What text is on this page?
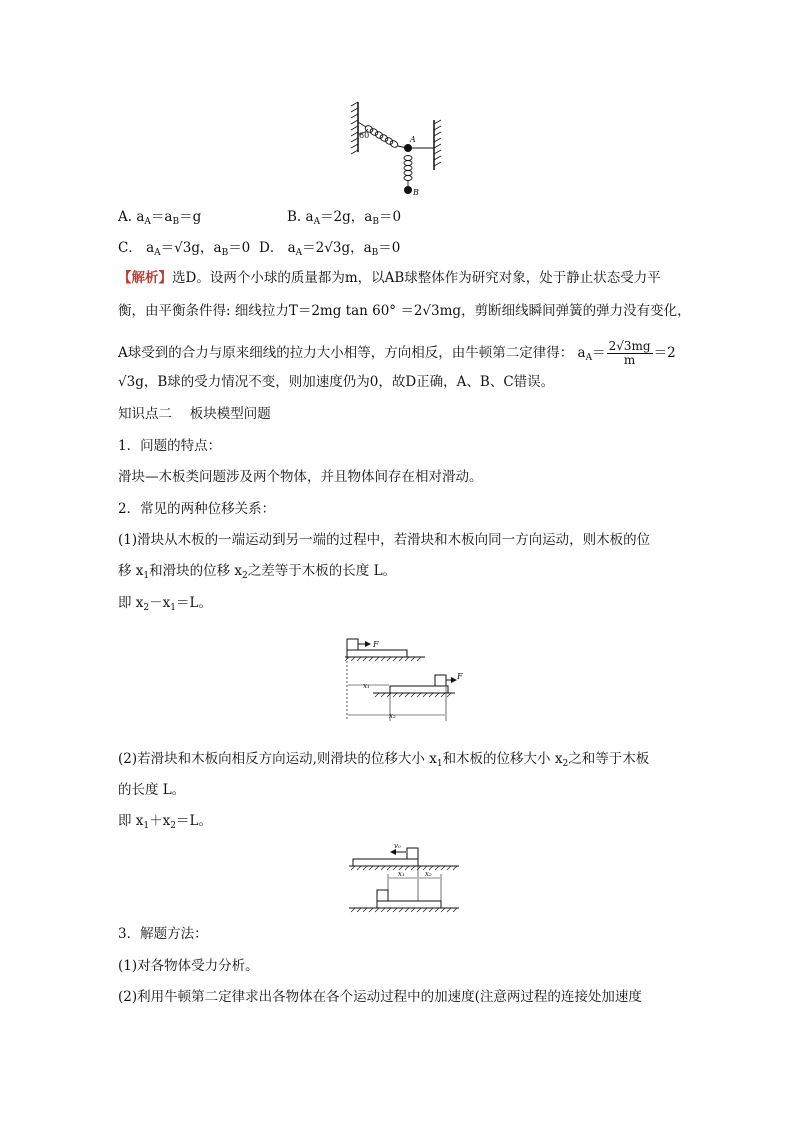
60	A
B
A. $a_A=a_B=g$	B. $a_A=2g$，$a_B=0$
C． $a_A=√3g$，$a_B=0$ D． $a_A=2√3g$，$a_B=0$
【解析】选D。设两个小球的质量都为m，以AB球整体作为研究对象，处于静止状态受力平
衡，由平衡条件得: 细线拉力T＝2mg tan 60° ＝2√3mg，剪断细线瞬间弹簧的弹力没有变化，
A球受到的合力与原来细线的拉力大小相等，方向相反，由牛顿第二定律得： $a_A= \frac{2√3mg}{m} =2$
√3g，B球的受力情况不变，则加速度仍为0，故D正确，A、B、C错误。
知识点二　 板块模型问题
1．问题的特点：
滑块—木板类问题涉及两个物体，并且物体间存在相对滑动。
2．常见的两种位移关系：
(1)滑块从木板的一端运动到另一端的过程中，若滑块和木板向同一方向运动，则木板的位
移 $x_1$和滑块的位移 $x_2$之差等于木板的长度 L。
即 $x_2-x_1=L$。
F
F
x₁
x₂
(2)若滑块和木板向相反方向运动,则滑块的位移大小 $x_1$和木板的位移大小 $x_2$之和等于木板
的长度 L。
即 $x_1+x_2=L$。
v₀
x₁	x₂
3．解题方法：
(1)对各物体受力分析。
(2)利用牛顿第二定律求出各物体在各个运动过程中的加速度(注意两过程的连接处加速度
